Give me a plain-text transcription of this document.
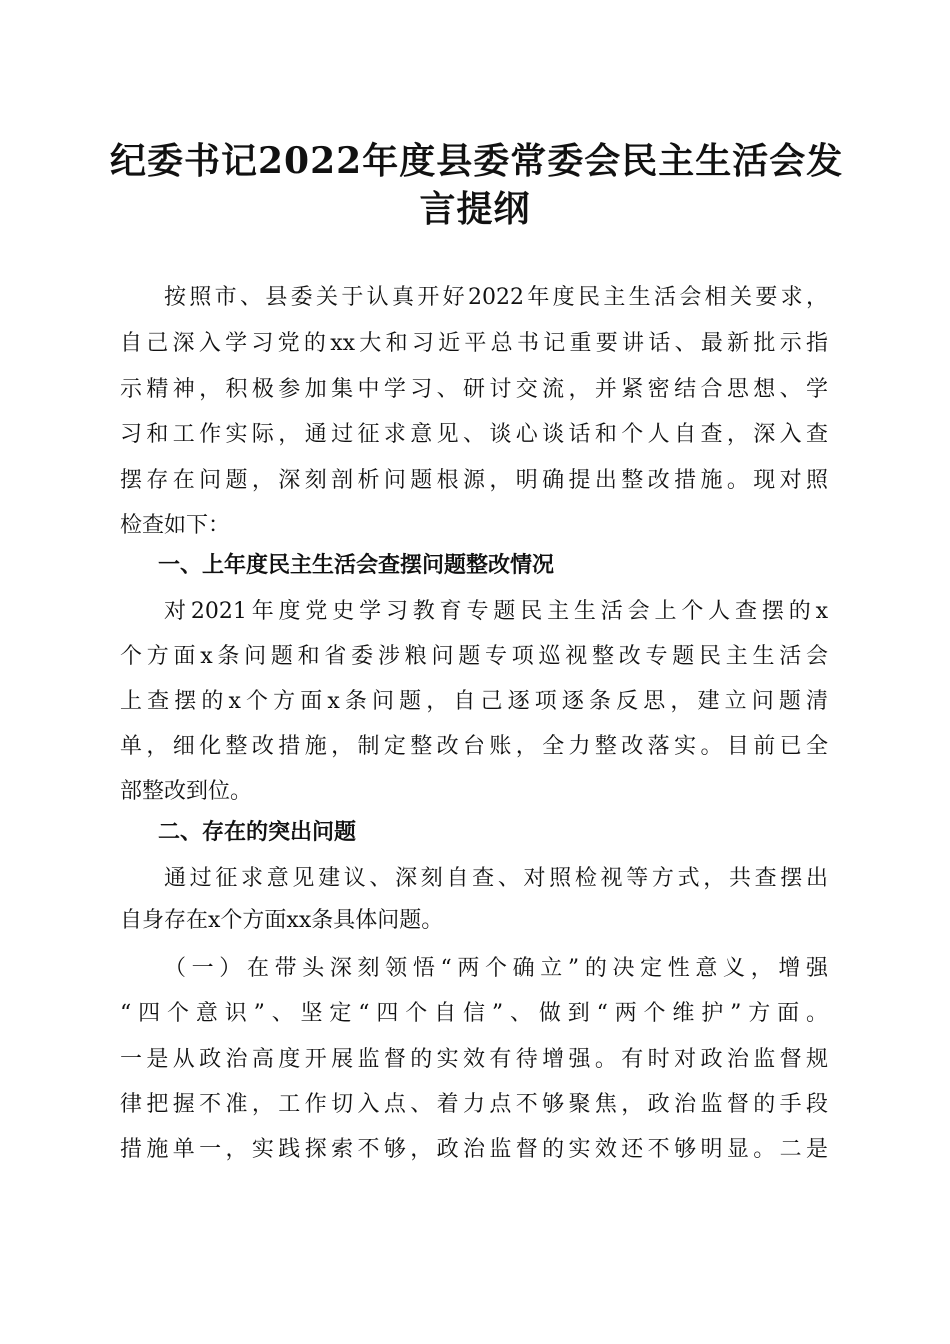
纪委书记2022年度县委常委会民主生活会发
言提纲
按照市、县委关于认真开好2022年度民主生活会相关要求，
自己深入学习党的xx大和习近平总书记重要讲话、最新批示指
示精神，积极参加集中学习、研讨交流，并紧密结合思想、学
习和工作实际，通过征求意见、谈心谈话和个人自查，深入查
摆存在问题，深刻剖析问题根源，明确提出整改措施。现对照
检查如下：
一、上年度民主生活会查摆问题整改情况
对2021年度党史学习教育专题民主生活会上个人查摆的x
个方面x条问题和省委涉粮问题专项巡视整改专题民主生活会
上查摆的x个方面x条问题，自己逐项逐条反思，建立问题清
单，细化整改措施，制定整改台账，全力整改落实。目前已全
部整改到位。
二、存在的突出问题
通过征求意见建议、深刻自查、对照检视等方式，共查摆出
自身存在x个方面xx条具体问题。
（一）在带头深刻领悟“两个确立”的决定性意义，增强
“四个意识”、坚定“四个自信”、做到“两个维护”方面。
一是从政治高度开展监督的实效有待增强。有时对政治监督规
律把握不准，工作切入点、着力点不够聚焦，政治监督的手段
措施单一，实践探索不够，政治监督的实效还不够明显。二是
